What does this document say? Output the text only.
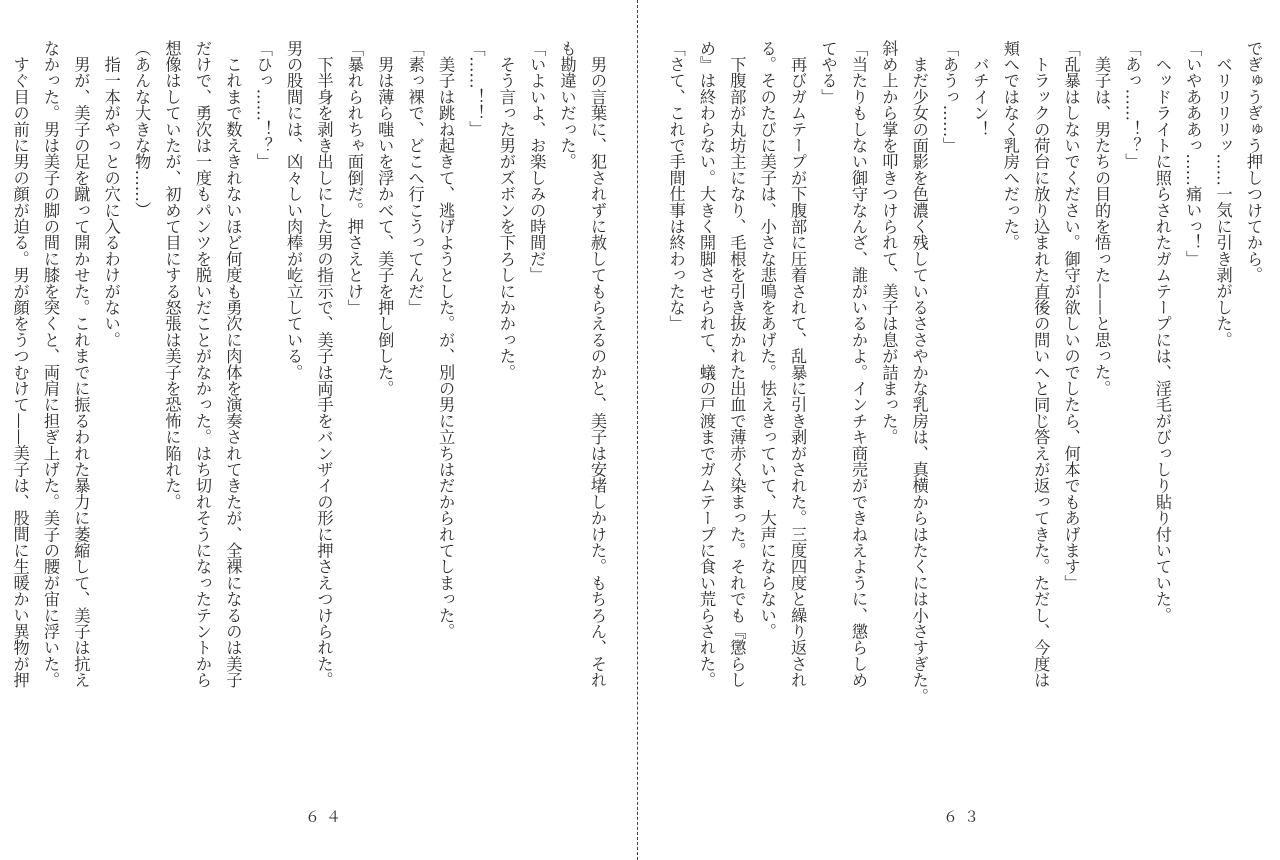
　男の言葉に、犯されずに赦してもらえるのかと、美子は安堵しかけた。もちろん、それ
も勘違いだった。
「いよいよ、お楽しみの時間だ」
　そう言った男がズボンを下ろしにかかった。
「……！！」
　美子は跳ね起きて、逃げようとした。が、別の男に立ちはだかられてしまった。
「素っ裸で、どこへ行こうってんだ」
　男は薄ら嗤いを浮かべて、美子を押し倒した。
「暴れられちゃ面倒だ。押さえとけ」
　下半身を剥き出しにした男の指示で、美子は両手をバンザイの形に押さえつけられた。
男の股間には、凶々しい肉棒が屹立している。
「ひっ……！？」
　これまで数えきれないほど何度も勇次に肉体を演奏されてきたが、全裸になるのは美子
だけで、勇次は一度もパンツを脱いだことがなかった。はち切れそうになったテントから
想像はしていたが、初めて目にする怒張は美子を恐怖に陥れた。
（あんな大きな物……）
　指一本がやっとの穴に入るわけがない。
　男が、美子の足を蹴って開かせた。これまでに振るわれた暴力に萎縮して、美子は抗え
なかった。男は美子の脚の間に膝を突くと、両肩に担ぎ上げた。美子の腰が宙に浮いた。
　すぐ目の前に男の顔が迫る。男が顔をうつむけて——美子は、股間に生暖かい異物が押
６４
でぎゅうぎゅう押しつけてから。
　ベリリリリッ……一気に引き剥がした。
「いやあああっ……痛いっ！」
　ヘッドライトに照らされたガムテープには、淫毛がびっしり貼り付いていた。
「あっ……！？」
　美子は、男たちの目的を悟った——と思った。
「乱暴はしないでください。御守が欲しいのでしたら、何本でもあげます」
　トラックの荷台に放り込まれた直後の問いへと同じ答えが返ってきた。ただし、今度は
頬へではなく乳房へだった。
　バチイン！
「あうっ……」
　まだ少女の面影を色濃く残しているささやかな乳房は、真横からはたくには小さすぎた。
斜め上から掌を叩きつけられて、美子は息が詰まった。
「当たりもしない御守なんざ、誰がいるかよ。インチキ商売ができねえように、懲らしめ
てやる」
　再びガムテープが下腹部に圧着されて、乱暴に引き剥がされた。三度四度と繰り返され
る。そのたびに美子は、小さな悲鳴をあげた。怯えきっていて、大声にならない。
　下腹部が丸坊主になり、毛根を引き抜かれた出血で薄赤く染まった。それでも『懲らし
め』は終わらない。大きく開脚させられて、蟻の戸渡までガムテープに食い荒らされた。
「さて、これで手間仕事は終わったな」
６３
